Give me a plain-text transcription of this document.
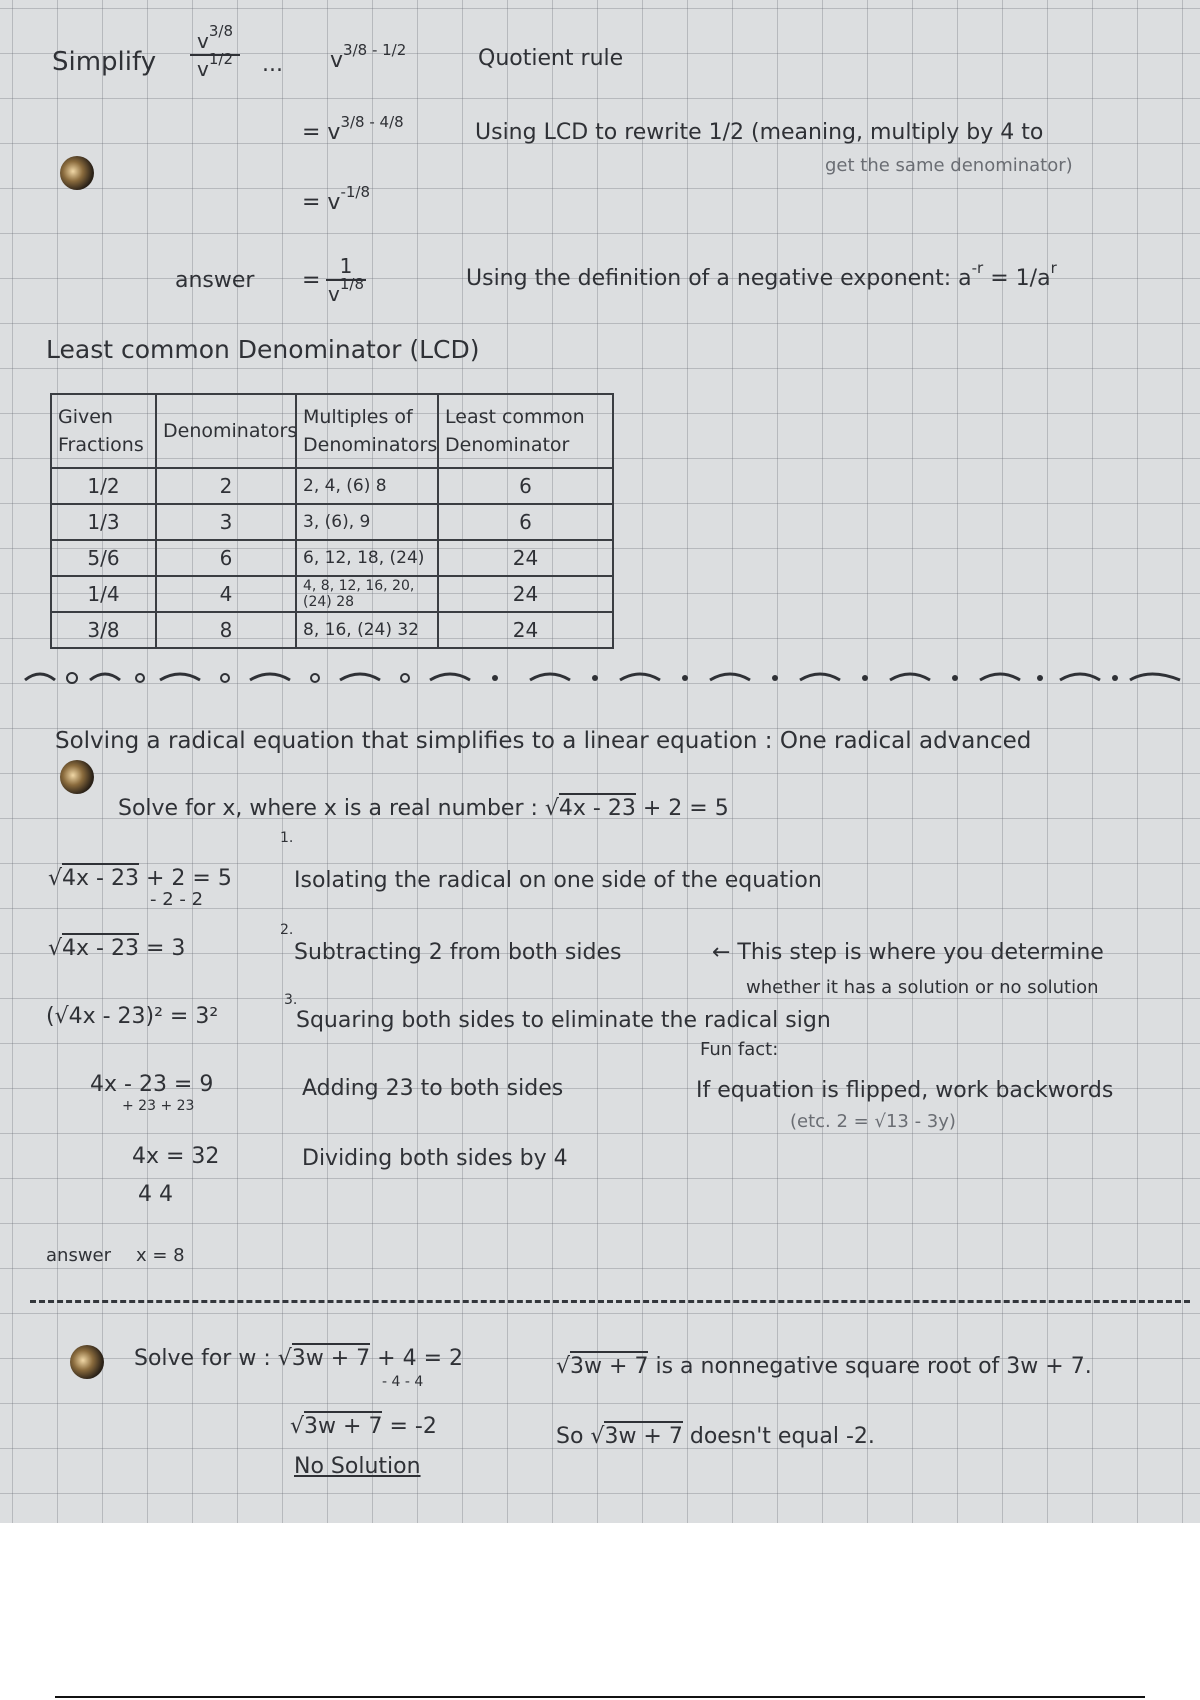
Simplify
$v^{3/8}$
$v^{1/2}$	... $v^{3/8 - 1/2}$	Quotient rule
= $v^{3/8 - 4/8}$	Using LCD to rewrite 1/2 (meaning, multiply by 4 to
get the same denominator)
= $v^{-1/8}$
answer =
1
$v^{1/8}$	Using the definition of a negative exponent: $a^{-r} = 1/a^r$
Least common Denominator (LCD)
Given Fractions	Denominators	Multiples of Denominators	Least common Denominator
1/2	2	2, 4, (6) 8	6
1/3	3	3, (6), 9	6
5/6	6	6, 12, 18, (24)	24
1/4	4	4, 8, 12, 16, 20, (24) 28	24
3/8	8	8, 16, (24) 32	24
Solving a radical equation that simplifies to a linear equation : One radical advanced
Solve for x, where x is a real number : √4x - 23 + 2 = 5
√4x - 23 + 2 = 5
- 2 - 2
1.
Isolating the radical on one side of the equation
√4x - 23 = 3
2.
Subtracting 2 from both sides	← This step is where you determine
whether it has a solution or no solution
(√4x - 23)² = 3²
3.
Squaring both sides to eliminate the radical sign
Fun fact:
If equation is flipped, work backwords
(etc. 2 = √13 - 3y)
4x - 23 = 9
+ 23 + 23
Adding 23 to both sides
4x = 32
4 4
Dividing both sides by 4
answer x = 8
Solve for w : √3w + 7 + 4 = 2
- 4 - 4
√3w + 7 = -2
No Solution
√3w + 7 is a nonnegative square root of 3w + 7.
So √3w + 7 doesn't equal -2.
